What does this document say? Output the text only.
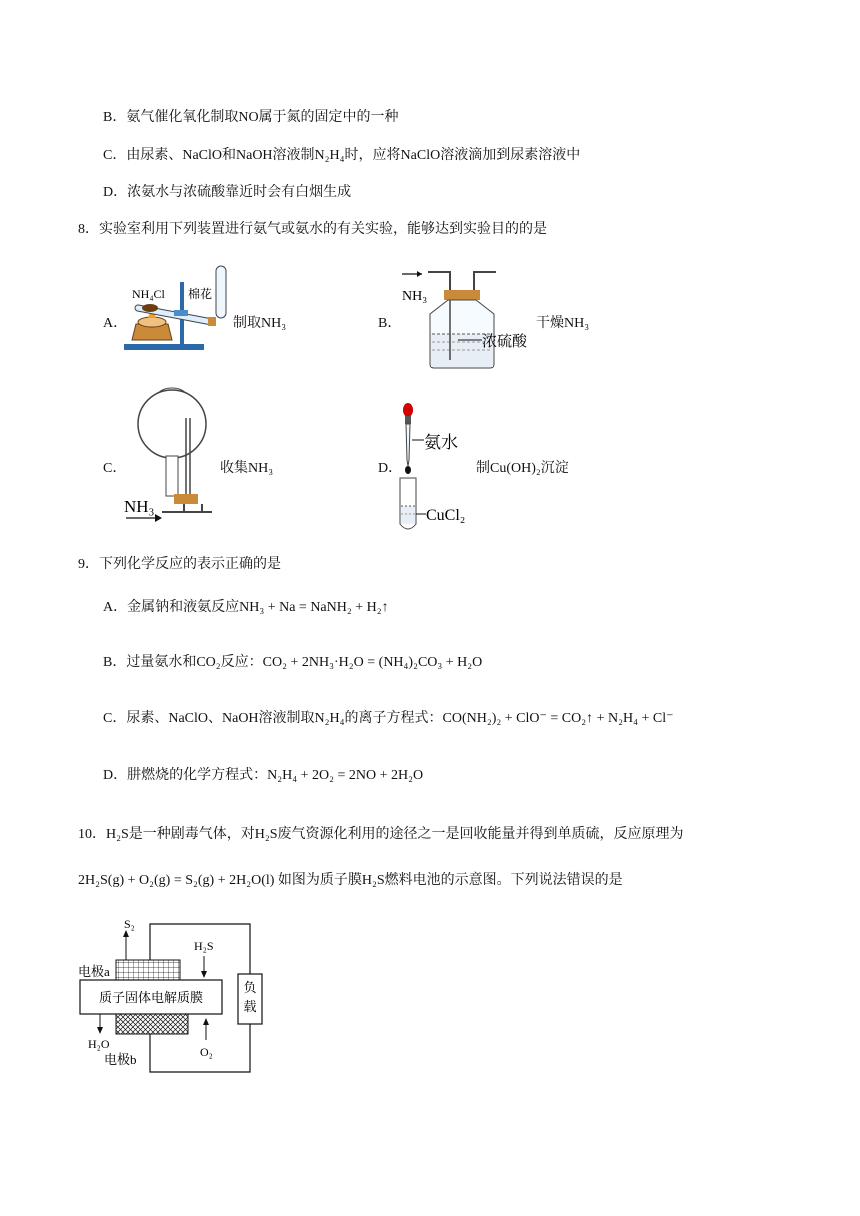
B．氨气催化氧化制取NO属于氮的固定中的一种
C．由尿素、NaClO和NaOH溶液制N₂H₄时，应将NaClO溶液滴加到尿素溶液中
D．浓氨水与浓硫酸靠近时会有白烟生成
8．实验室利用下列装置进行氨气或氨水的有关实验，能够达到实验目的的是
A．
NH₄Cl 棉花
制取NH₃	B．
NH₃
浓硫酸
干燥NH₃
C．
NH₃
收集NH₃	D．
氨水
CuCl₂
制Cu(OH)₂沉淀
9．下列化学反应的表示正确的是
A．金属钠和液氨反应NH₃ + Na = NaNH₂ + H₂↑
B．过量氨水和CO₂反应：CO₂ + 2NH₃·H₂O = (NH₄)₂CO₃ + H₂O
C．尿素、NaClO、NaOH溶液制取N₂H₄的离子方程式：CO(NH₂)₂ + ClO⁻ = CO₂↑ + N₂H₄ + Cl⁻
D．肼燃烧的化学方程式：N₂H₄ + 2O₂ = 2NO + 2H₂O
10．H₂S是一种剧毒气体，对H₂S废气资源化利用的途径之一是回收能量并得到单质硫，反应原理为
2H₂S(g) + O₂(g) = S₂(g) + 2H₂O(l) 如图为质子膜H₂S燃料电池的示意图。下列说法错误的是
负
载
质子固体电解质膜
S₂
H₂S
电极a
H₂O
电极b	O₂
负载
